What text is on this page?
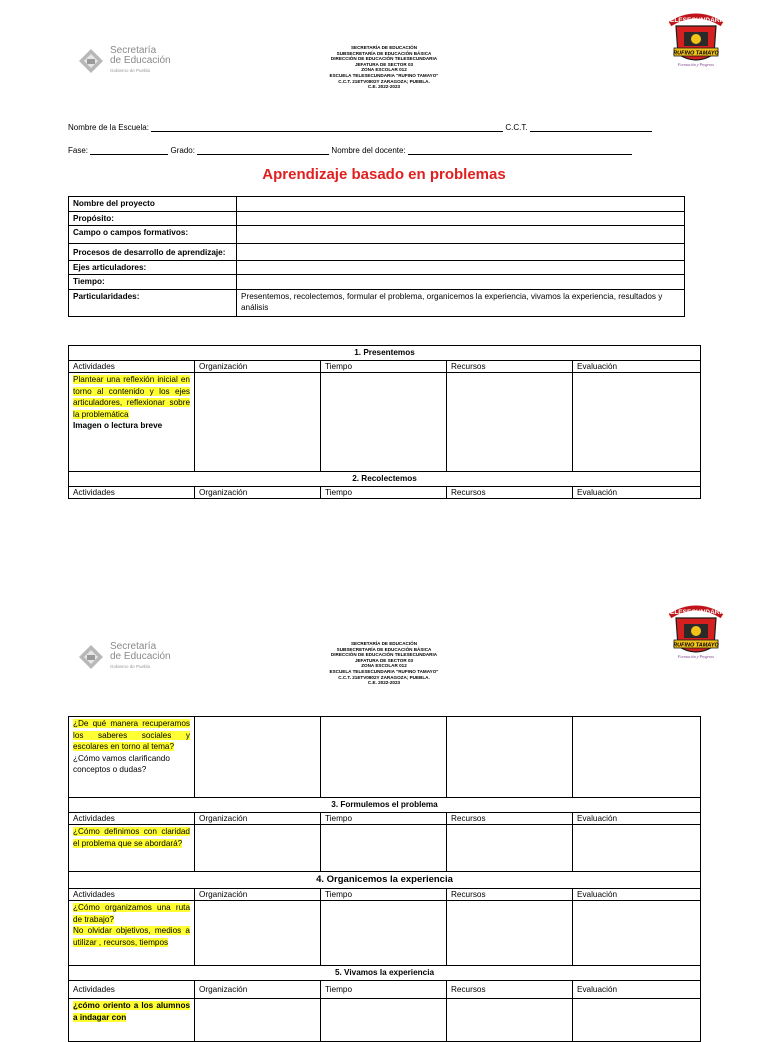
Secretaría
de Educación
Gobierno de Puebla
SECRETARÍA DE EDUCACIÓN
SUBSECRETARÍA DE EDUCACIÓN BÁSICA
DIRECCIÓN DE EDUCACIÓN TELESECUNDARIA
JEFATURA DE SECTOR 03
ZONA ESCOLAR 012
ESCUELA TELESECUNDARIA "RUFINO TAMAYO"
C.C.T. 21ETV0802Y ZARAGOZA; PUEBLA.
C.E. 2022-2023
TELESECUNDARIA
RUFINO TAMAYO
Formación y Progreso
Nombre de la Escuela:	C.C.T.
Fase:	Grado:	Nombre del docente:
Aprendizaje basado en problemas
Nombre del proyecto	
Propósito:	
Campo o campos formativos:	
Procesos de desarrollo de aprendizaje:	
Ejes articuladores:	
Tiempo:	
Particularidades:	Presentemos, recolectemos, formular el problema, organicemos la experiencia, vivamos la experiencia, resultados y análisis
1. Presentemos				
Actividades	Organización	Tiempo	Recursos	Evaluación

Plantear una reflexión inicial en torno al contenido y los ejes articuladores, reflexionar sobre la problemática
Imagen o lectura breve				

2. Recolectemos				
Actividades	Organización	Tiempo	Recursos	Evaluación
Secretaría
de Educación
Gobierno de Puebla
SECRETARÍA DE EDUCACIÓN
SUBSECRETARÍA DE EDUCACIÓN BÁSICA
DIRECCIÓN DE EDUCACIÓN TELESECUNDARIA
JEFATURA DE SECTOR 03
ZONA ESCOLAR 012
ESCUELA TELESECUNDARIA "RUFINO TAMAYO"
C.C.T. 21ETV0802Y ZARAGOZA; PUEBLA.
C.E. 2022-2023
TELESECUNDARIA
RUFINO TAMAYO
Formación y Progreso
¿De qué manera recuperamos los saberes sociales y escolares en torno al tema?
¿Cómo vamos clarificando conceptos o dudas?				

3. Formulemos el problema				
Actividades	Organización	Tiempo	Recursos	Evaluación

¿Cómo definimos con claridad el problema que se abordará?				

4. Organicemos la experiencia				
Actividades	Organización	Tiempo	Recursos	Evaluación

¿Cómo organizamos una ruta de trabajo?
No olvidar objetivos, medios a utilizar , recursos, tiempos				

5. Vivamos la experiencia				
Actividades	Organización	Tiempo	Recursos	Evaluación

¿cómo oriento a los alumnos a indagar con				
